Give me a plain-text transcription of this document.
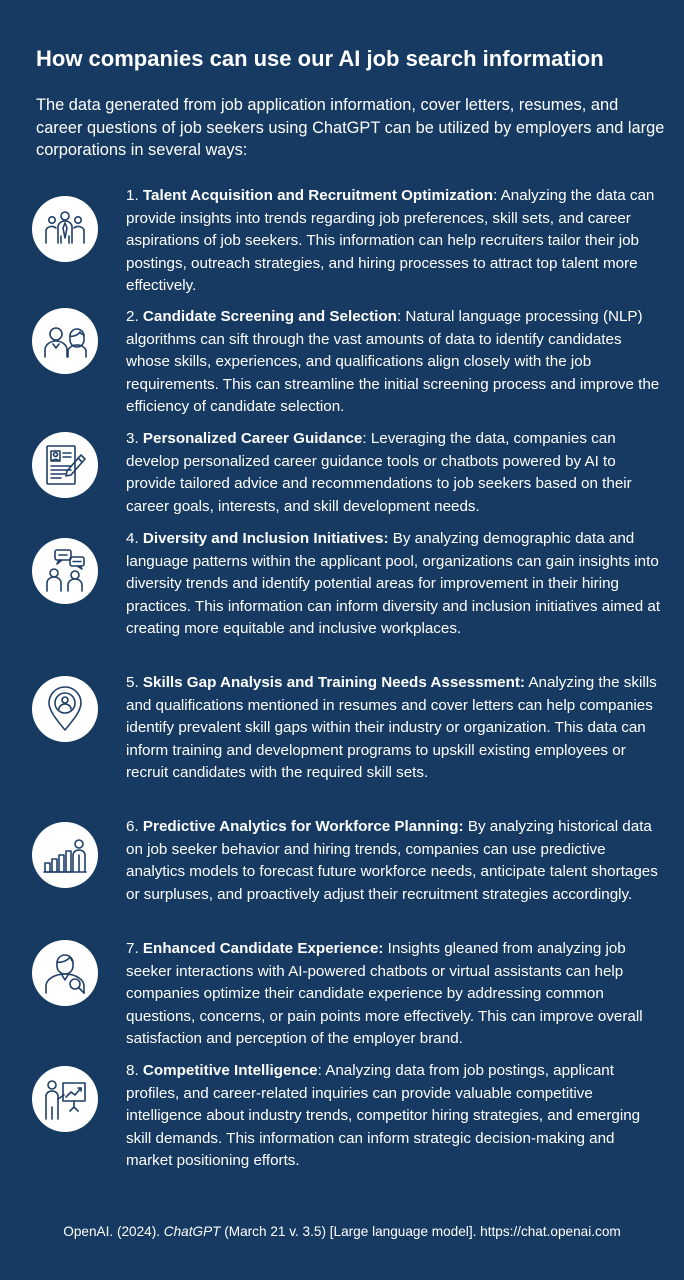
How companies can use our AI job search information

The data generated from job application information, cover letters, resumes, and career questions of job seekers using ChatGPT can be utilized by employers and large corporations in several ways:

1. Talent Acquisition and Recruitment Optimization: Analyzing the data can provide insights into trends regarding job preferences, skill sets, and career aspirations of job seekers. This information can help recruiters tailor their job postings, outreach strategies, and hiring processes to attract top talent more effectively.

2. Candidate Screening and Selection: Natural language processing (NLP) algorithms can sift through the vast amounts of data to identify candidates whose skills, experiences, and qualifications align closely with the job requirements. This can streamline the initial screening process and improve the efficiency of candidate selection.

3. Personalized Career Guidance: Leveraging the data, companies can develop personalized career guidance tools or chatbots powered by AI to provide tailored advice and recommendations to job seekers based on their career goals, interests, and skill development needs.

4. Diversity and Inclusion Initiatives: By analyzing demographic data and language patterns within the applicant pool, organizations can gain insights into diversity trends and identify potential areas for improvement in their hiring practices. This information can inform diversity and inclusion initiatives aimed at creating more equitable and inclusive workplaces.

5. Skills Gap Analysis and Training Needs Assessment: Analyzing the skills and qualifications mentioned in resumes and cover letters can help companies identify prevalent skill gaps within their industry or organization. This data can inform training and development programs to upskill existing employees or recruit candidates with the required skill sets.

6. Predictive Analytics for Workforce Planning: By analyzing historical data on job seeker behavior and hiring trends, companies can use predictive analytics models to forecast future workforce needs, anticipate talent shortages or surpluses, and proactively adjust their recruitment strategies accordingly.

7. Enhanced Candidate Experience: Insights gleaned from analyzing job seeker interactions with AI-powered chatbots or virtual assistants can help companies optimize their candidate experience by addressing common questions, concerns, or pain points more effectively. This can improve overall satisfaction and perception of the employer brand.

8. Competitive Intelligence: Analyzing data from job postings, applicant profiles, and career-related inquiries can provide valuable competitive intelligence about industry trends, competitor hiring strategies, and emerging skill demands. This information can inform strategic decision-making and market positioning efforts.

OpenAI. (2024). ChatGPT (March 21 v. 3.5) [Large language model]. https://chat.openai.com
